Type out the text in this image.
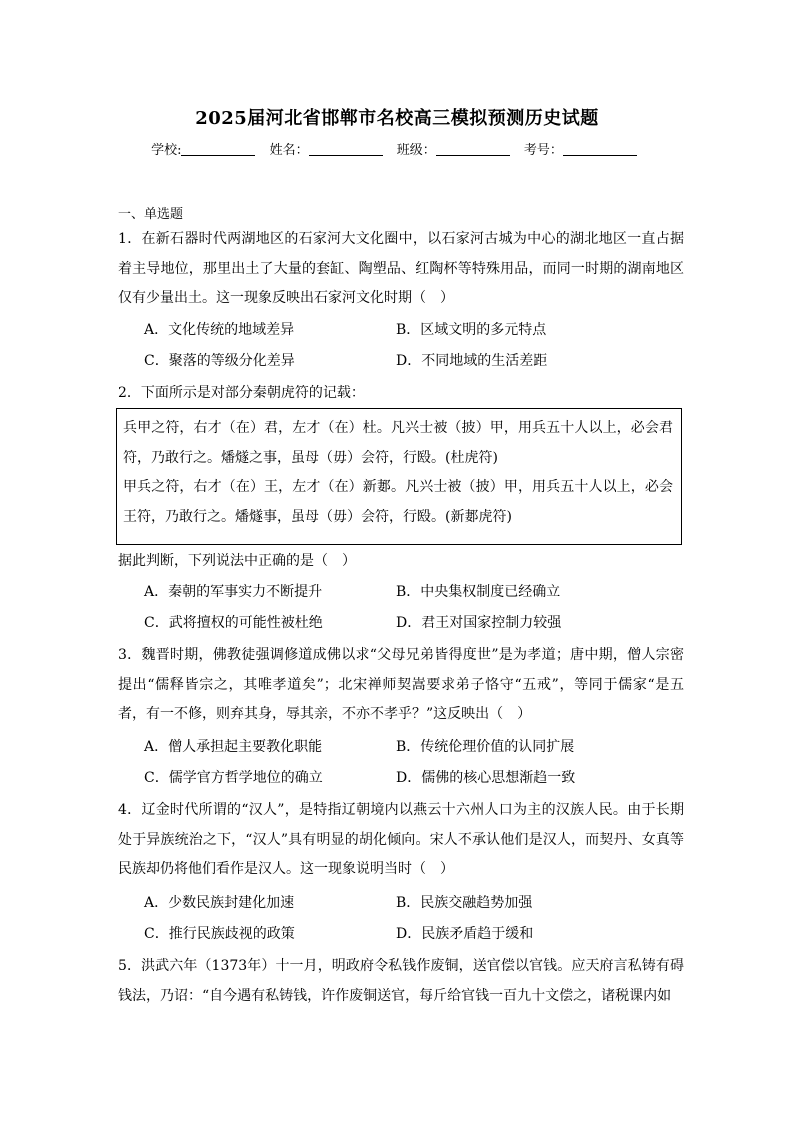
2025届河北省邯郸市名校高三模拟预测历史试题
学校:	姓名：	班级：	考号：
一、单选题
1．在新石器时代两湖地区的石家河大文化圈中，以石家河古城为中心的湖北地区一直占据着主导地位，那里出土了大量的套缸、陶塑品、红陶杯等特殊用品，而同一时期的湖南地区仅有少量出土。这一现象反映出石家河文化时期（　）
A．文化传统的地域差异	B．区域文明的多元特点
C．聚落的等级分化差异	D．不同地域的生活差距
2．下面所示是对部分秦朝虎符的记载：

兵甲之符，右才（在）君，左才（在）杜。凡兴士被（披）甲，用兵五十人以上，必会君符，乃敢行之。燔燧之事，虽母（毋）会符，行殹。(杜虎符)

甲兵之符，右才（在）王，左才（在）新郪。凡兴士被（披）甲，用兵五十人以上，必会王符，乃敢行之。燔燧事，虽母（毋）会符，行殹。(新郪虎符)

据此判断，下列说法中正确的是（　）
A．秦朝的军事实力不断提升	B．中央集权制度已经确立
C．武将擅权的可能性被杜绝	D．君王对国家控制力较强
3．魏晋时期，佛教徒强调修道成佛以求“父母兄弟皆得度世”是为孝道；唐中期，僧人宗密提出“儒释皆宗之，其唯孝道矣”；北宋禅师契嵩要求弟子恪守“五戒”，等同于儒家“是五者，有一不修，则弃其身，辱其亲，不亦不孝乎？”这反映出（　）
A．僧人承担起主要教化职能	B．传统伦理价值的认同扩展
C．儒学官方哲学地位的确立	D．儒佛的核心思想渐趋一致
4．辽金时代所谓的“汉人”，是特指辽朝境内以燕云十六州人口为主的汉族人民。由于长期处于异族统治之下，“汉人”具有明显的胡化倾向。宋人不承认他们是汉人，而契丹、女真等民族却仍将他们看作是汉人。这一现象说明当时（　）
A．少数民族封建化加速	B．民族交融趋势加强
C．推行民族歧视的政策	D．民族矛盾趋于缓和
5．洪武六年（1373年）十一月，明政府令私钱作废铜，送官偿以官钱。应天府言私铸有碍钱法，乃诏：“自今遇有私铸钱，许作废铜送官，每斤给官钱一百九十文偿之，诸税课内如
